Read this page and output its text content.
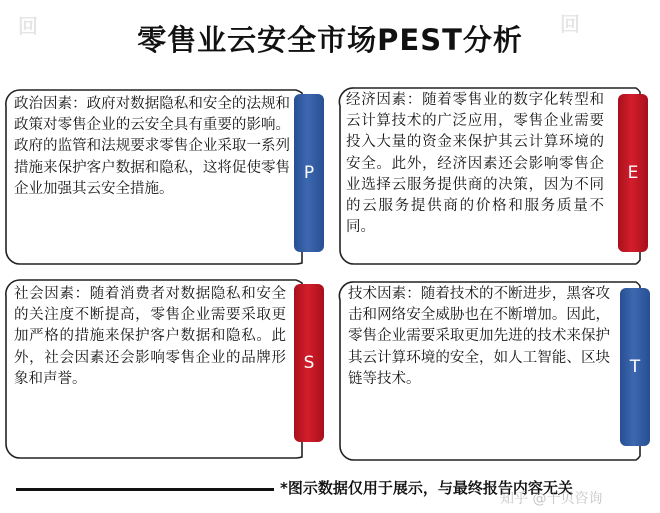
回	回
零售业云安全市场PEST分析
政治因素：政府对数据隐私和安全的法规和政策对零售企业的云安全具有重要的影响。政府的监管和法规要求零售企业采取一系列措施来保护客户数据和隐私，这将促使零售企业加强其云安全措施。
P
经济因素：随着零售业的数字化转型和云计算技术的广泛应用，零售企业需要投入大量的资金来保护其云计算环境的安全。此外，经济因素还会影响零售企业选择云服务提供商的决策，因为不同的云服务提供商的价格和服务质量不同。
E
社会因素：随着消费者对数据隐私和安全的关注度不断提高，零售企业需要采取更加严格的措施来保护客户数据和隐私。此外，社会因素还会影响零售企业的品牌形象和声誉。
S
技术因素：随着技术的不断进步，黑客攻击和网络安全威胁也在不断增加。因此，零售企业需要采取更加先进的技术来保护其云计算环境的安全，如人工智能、区块链等技术。
T
*图示数据仅用于展示，与最终报告内容无关
知乎 @千贝咨询
